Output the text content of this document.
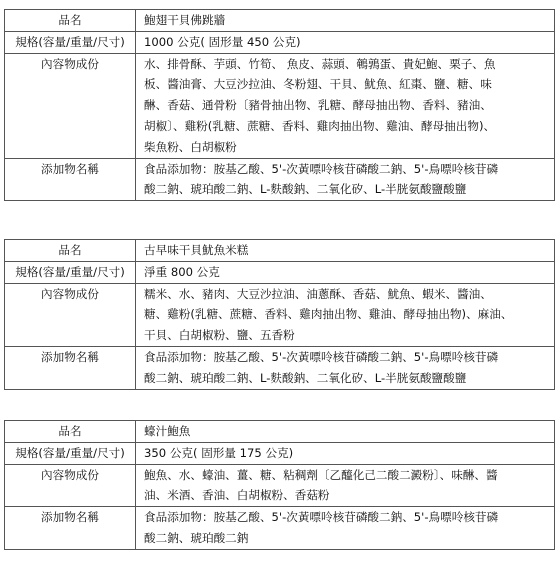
品名	鮑翅干貝佛跳牆
規格(容量/重量/尺寸)	1000 公克( 固形量 450 公克)
內容物成份	水、排骨酥、芋頭、竹筍、 魚皮、蒜頭、鵪鶉蛋、貴妃鮑、栗子、魚
板、醬油膏、大豆沙拉油、冬粉翅、干貝、魷魚、紅棗、鹽、糖、味
醂、香菇、通骨粉〔豬骨抽出物、乳糖、酵母抽出物、香料、豬油、
胡椒〕、雞粉(乳糖、蔗糖、香料、雞肉抽出物、雞油、酵母抽出物)、
柴魚粉、白胡椒粉
添加物名稱	食品添加物：胺基乙酸、5'-次黃嘌呤核苷磷酸二鈉、5'-鳥嘌呤核苷磷
酸二鈉、琥珀酸二鈉、L-麩酸鈉、二氧化矽、L-半胱氨酸鹽酸鹽
品名	古早味干貝魷魚米糕
規格(容量/重量/尺寸)	淨重 800 公克
內容物成份	糯米、水、豬肉、大豆沙拉油、油蔥酥、香菇、魷魚、蝦米、醬油、
糖、雞粉(乳糖、蔗糖、香料、雞肉抽出物、雞油、酵母抽出物)、麻油、
干貝、白胡椒粉、鹽、五香粉
添加物名稱	食品添加物：胺基乙酸、5'-次黃嘌呤核苷磷酸二鈉、5'-鳥嘌呤核苷磷
酸二鈉、琥珀酸二鈉、L-麩酸鈉、二氧化矽、L-半胱氨酸鹽酸鹽
品名	蠔汁鮑魚
規格(容量/重量/尺寸)	350 公克( 固形量 175 公克)
內容物成份	鮑魚、水、蠔油、薑、糖、粘稠劑〔乙醯化己二酸二澱粉〕、味醂、醬
油、米酒、香油、白胡椒粉、香菇粉
添加物名稱	食品添加物：胺基乙酸、5'-次黃嘌呤核苷磷酸二鈉、5'-鳥嘌呤核苷磷
酸二鈉、琥珀酸二鈉
